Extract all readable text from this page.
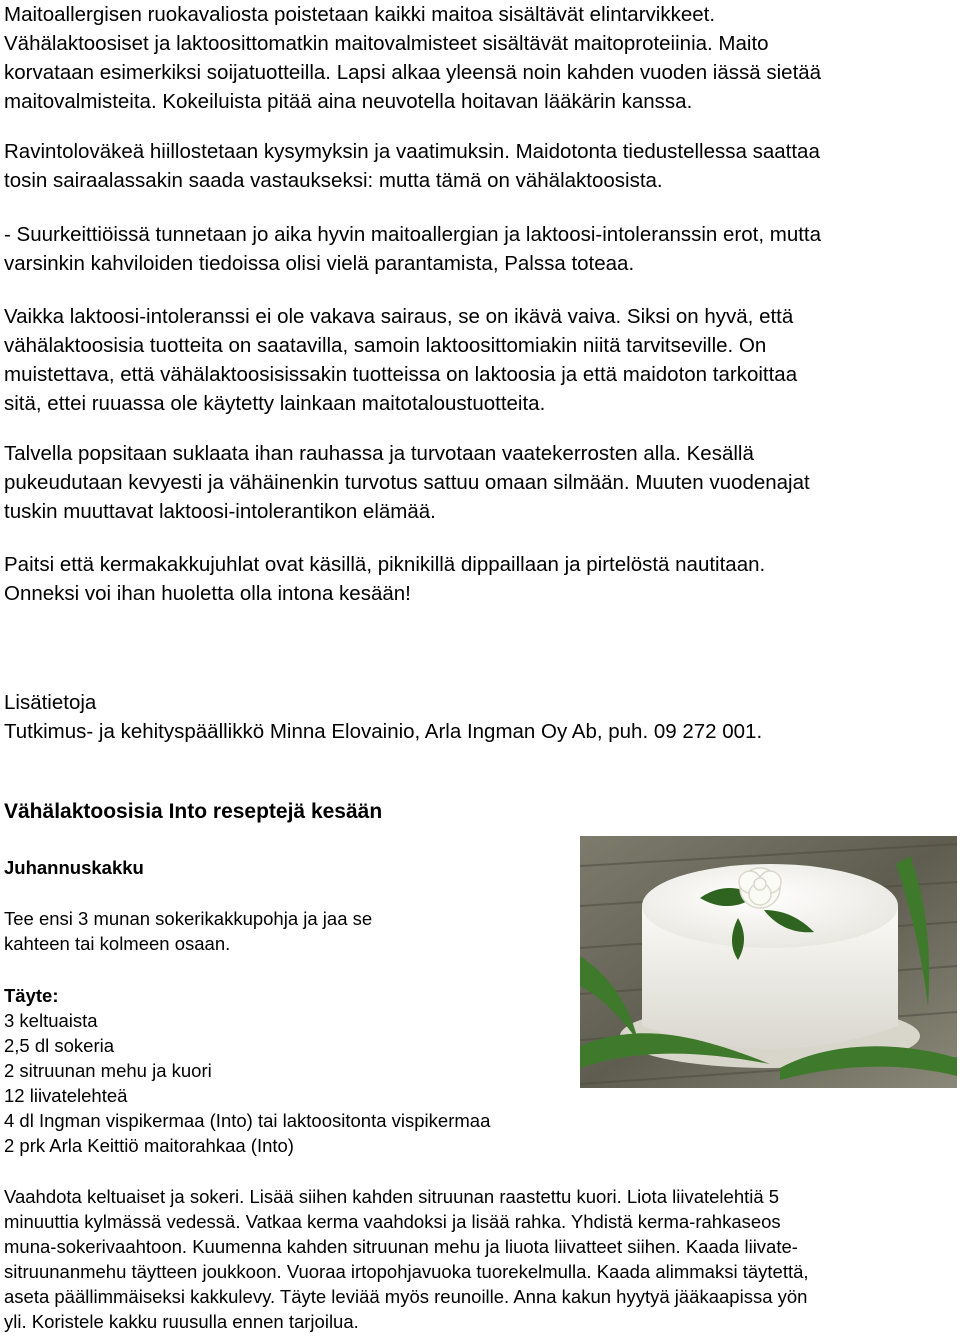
Maitoallergisen ruokavaliosta poistetaan kaikki maitoa sisältävät elintarvikkeet.
Vähälaktoosiset ja laktoosittomatkin maitovalmisteet sisältävät maitoproteiinia. Maito
korvataan esimerkiksi soijatuotteilla. Lapsi alkaa yleensä noin kahden vuoden iässä sietää
maitovalmisteita. Kokeiluista pitää aina neuvotella hoitavan lääkärin kanssa.

Ravintoloväkeä hiillostetaan kysymyksin ja vaatimuksin. Maidotonta tiedustellessa saattaa
tosin sairaalassakin saada vastaukseksi: mutta tämä on vähälaktoosista.

- Suurkeittiöissä tunnetaan jo aika hyvin maitoallergian ja laktoosi-intoleranssin erot, mutta
varsinkin kahviloiden tiedoissa olisi vielä parantamista, Palssa toteaa.

Vaikka laktoosi-intoleranssi ei ole vakava sairaus, se on ikävä vaiva. Siksi on hyvä, että
vähälaktoosisia tuotteita on saatavilla, samoin laktoosittomiakin niitä tarvitseville. On
muistettava, että vähälaktoosisissakin tuotteissa on laktoosia ja että maidoton tarkoittaa
sitä, ettei ruuassa ole käytetty lainkaan maitotaloustuotteita.

Talvella popsitaan suklaata ihan rauhassa ja turvotaan vaatekerrosten alla. Kesällä
pukeudutaan kevyesti ja vähäinenkin turvotus sattuu omaan silmään. Muuten vuodenajat
tuskin muuttavat laktoosi-intolerantikon elämää.

Paitsi että kermakakkujuhlat ovat käsillä, piknikillä dippaillaan ja pirtelöstä nautitaan.
Onneksi voi ihan huoletta olla intona kesään!

Lisätietoja
Tutkimus- ja kehityspäällikkö Minna Elovainio, Arla Ingman Oy Ab, puh. 09 272 001.

Vähälaktoosisia Into reseptejä kesään
Juhannuskakku

Tee ensi 3 munan sokerikakkupohja ja jaa se
kahteen tai kolmeen osaan.

Täyte:
3 keltuaista
2,5 dl sokeria
2 sitruunan mehu ja kuori
12 liivatelehteä
4 dl Ingman vispikermaa (Into) tai laktoositonta vispikermaa
2 prk Arla Keittiö maitorahkaa (Into)

Vaahdota keltuaiset ja sokeri. Lisää siihen kahden sitruunan raastettu kuori. Liota liivatelehtiä 5
minuuttia kylmässä vedessä. Vatkaa kerma vaahdoksi ja lisää rahka. Yhdistä kerma-rahkaseos
muna-sokerivaahtoon. Kuumenna kahden sitruunan mehu ja liuota liivatteet siihen. Kaada liivate-
sitruunanmehu täytteen joukkoon. Vuoraa irtopohjavuoka tuorekelmulla. Kaada alimmaksi täytettä,
aseta päällimmäiseksi kakkulevy. Täyte leviää myös reunoille. Anna kakun hyytyä jääkaapissa yön
yli. Koristele kakku ruusulla ennen tarjoilua.
